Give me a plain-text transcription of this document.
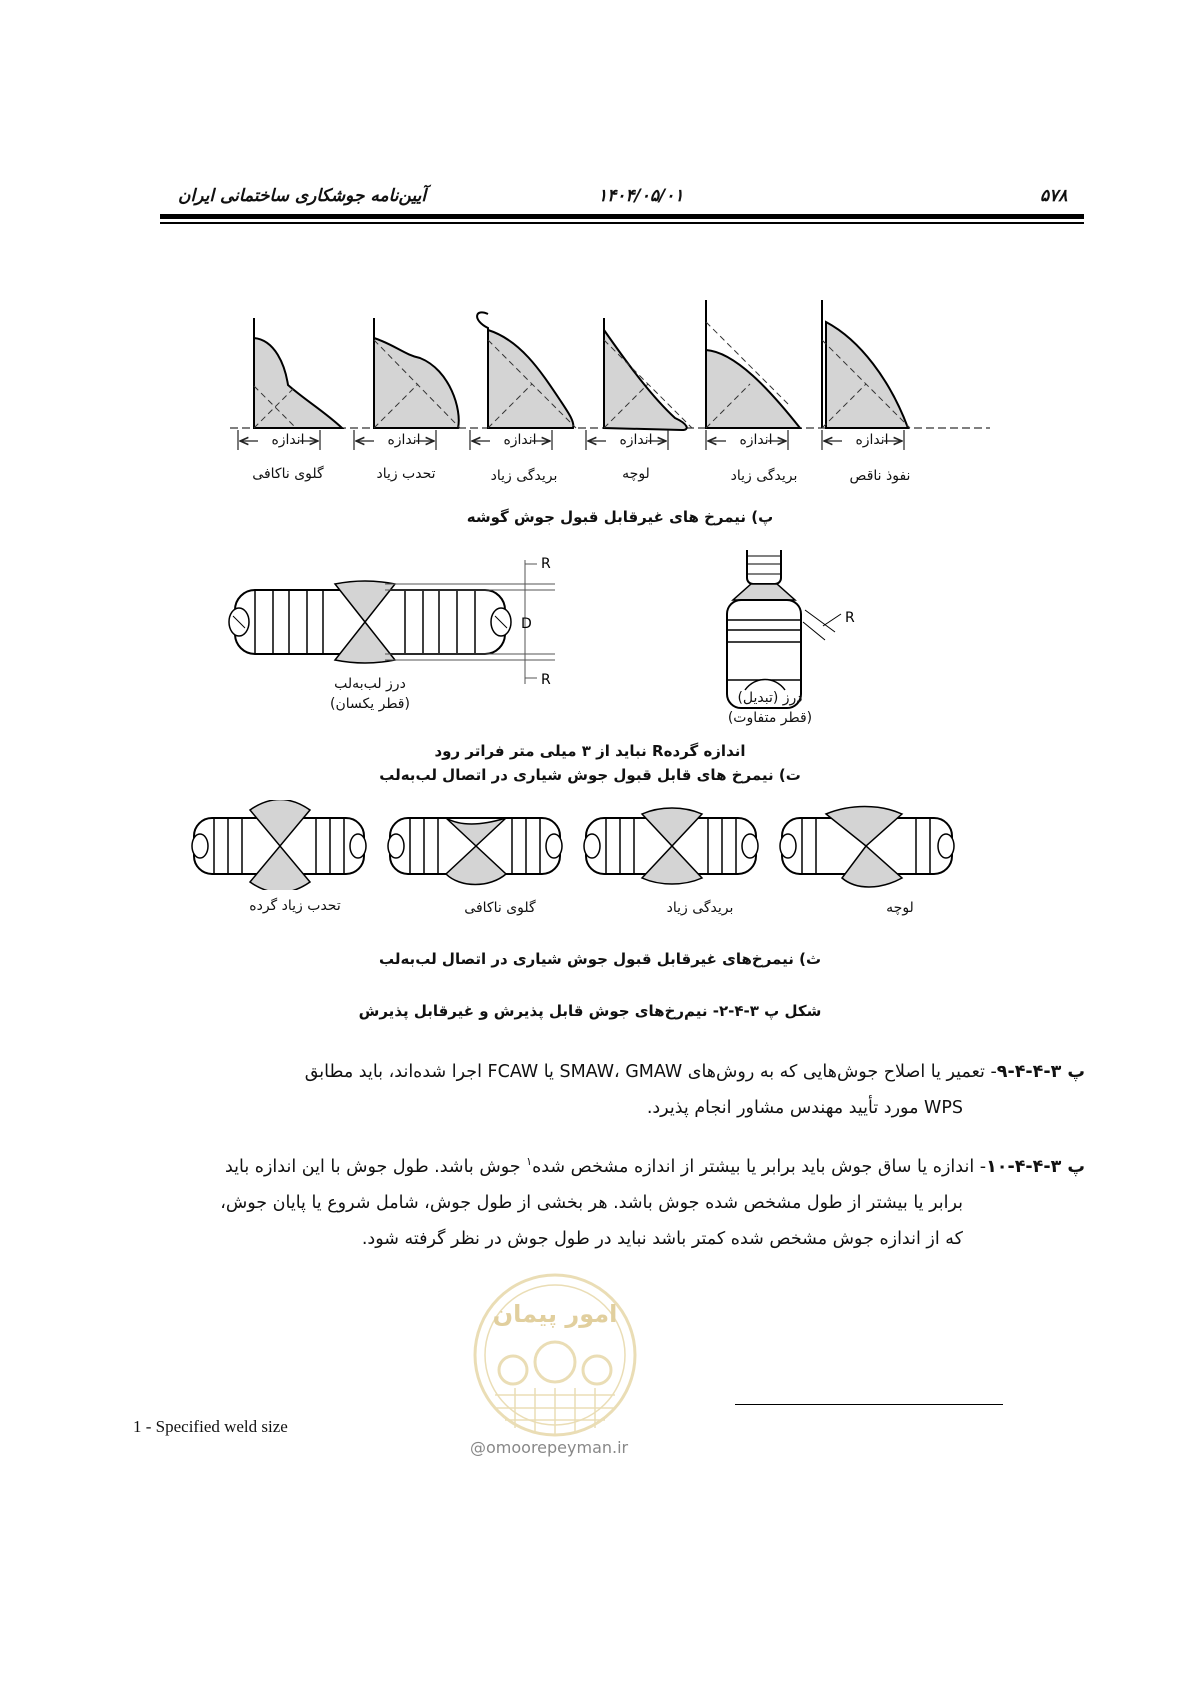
۵۷۸
۱۴۰۴/۰۵/۰۱
آیین‌نامه جوشکاری ساختمانی ایران
اندازه	اندازه	اندازه	اندازه	اندازه	اندازه
نفوذ ناقص
بریدگی زیاد
لوچه
بریدگی زیاد
تحدب زیاد
گلوی ناکافی
پ) نیمرخ های غیرقابل قبول جوش گوشه
R
D
R
R
درز لب‌به‌لب
(قطر یکسان)	درز (تبدیل)
(قطر متفاوت)
اندازه گردهR نباید از ۳ میلی متر فراتر رود
ت) نیمرخ های قابل قبول جوش شیاری در اتصال لب‌به‌لب
لوچه
بریدگی زیاد
گلوی ناکافی
تحدب زیاد گرده
ث) نیمرخ‌های غیرقابل قبول جوش شیاری در اتصال لب‌به‌لب
شکل پ ۳-۴-۲- نیم‌رخ‌های جوش قابل پذیرش و غیرقابل پذیرش
پ ۳-۴-۴-۹- تعمیر یا اصلاح جوش‌هایی که به روش‌های SMAW، GMAW یا FCAW اجرا شده‌اند، باید مطابق
WPS مورد تأیید مهندس مشاور انجام پذیرد.
پ ۳-۴-۴-۱۰- اندازه یا ساق جوش باید برابر یا بیشتر از اندازه مشخص شده$^۱$ جوش باشد. طول جوش با این اندازه باید
برابر یا بیشتر از طول مشخص شده جوش باشد. هر بخشی از طول جوش، شامل شروع یا پایان جوش،
که از اندازه جوش مشخص شده کمتر باشد نباید در طول جوش در نظر گرفته شود.
امور پیمان
@omoorepeyman.ir
1 - Specified weld size
